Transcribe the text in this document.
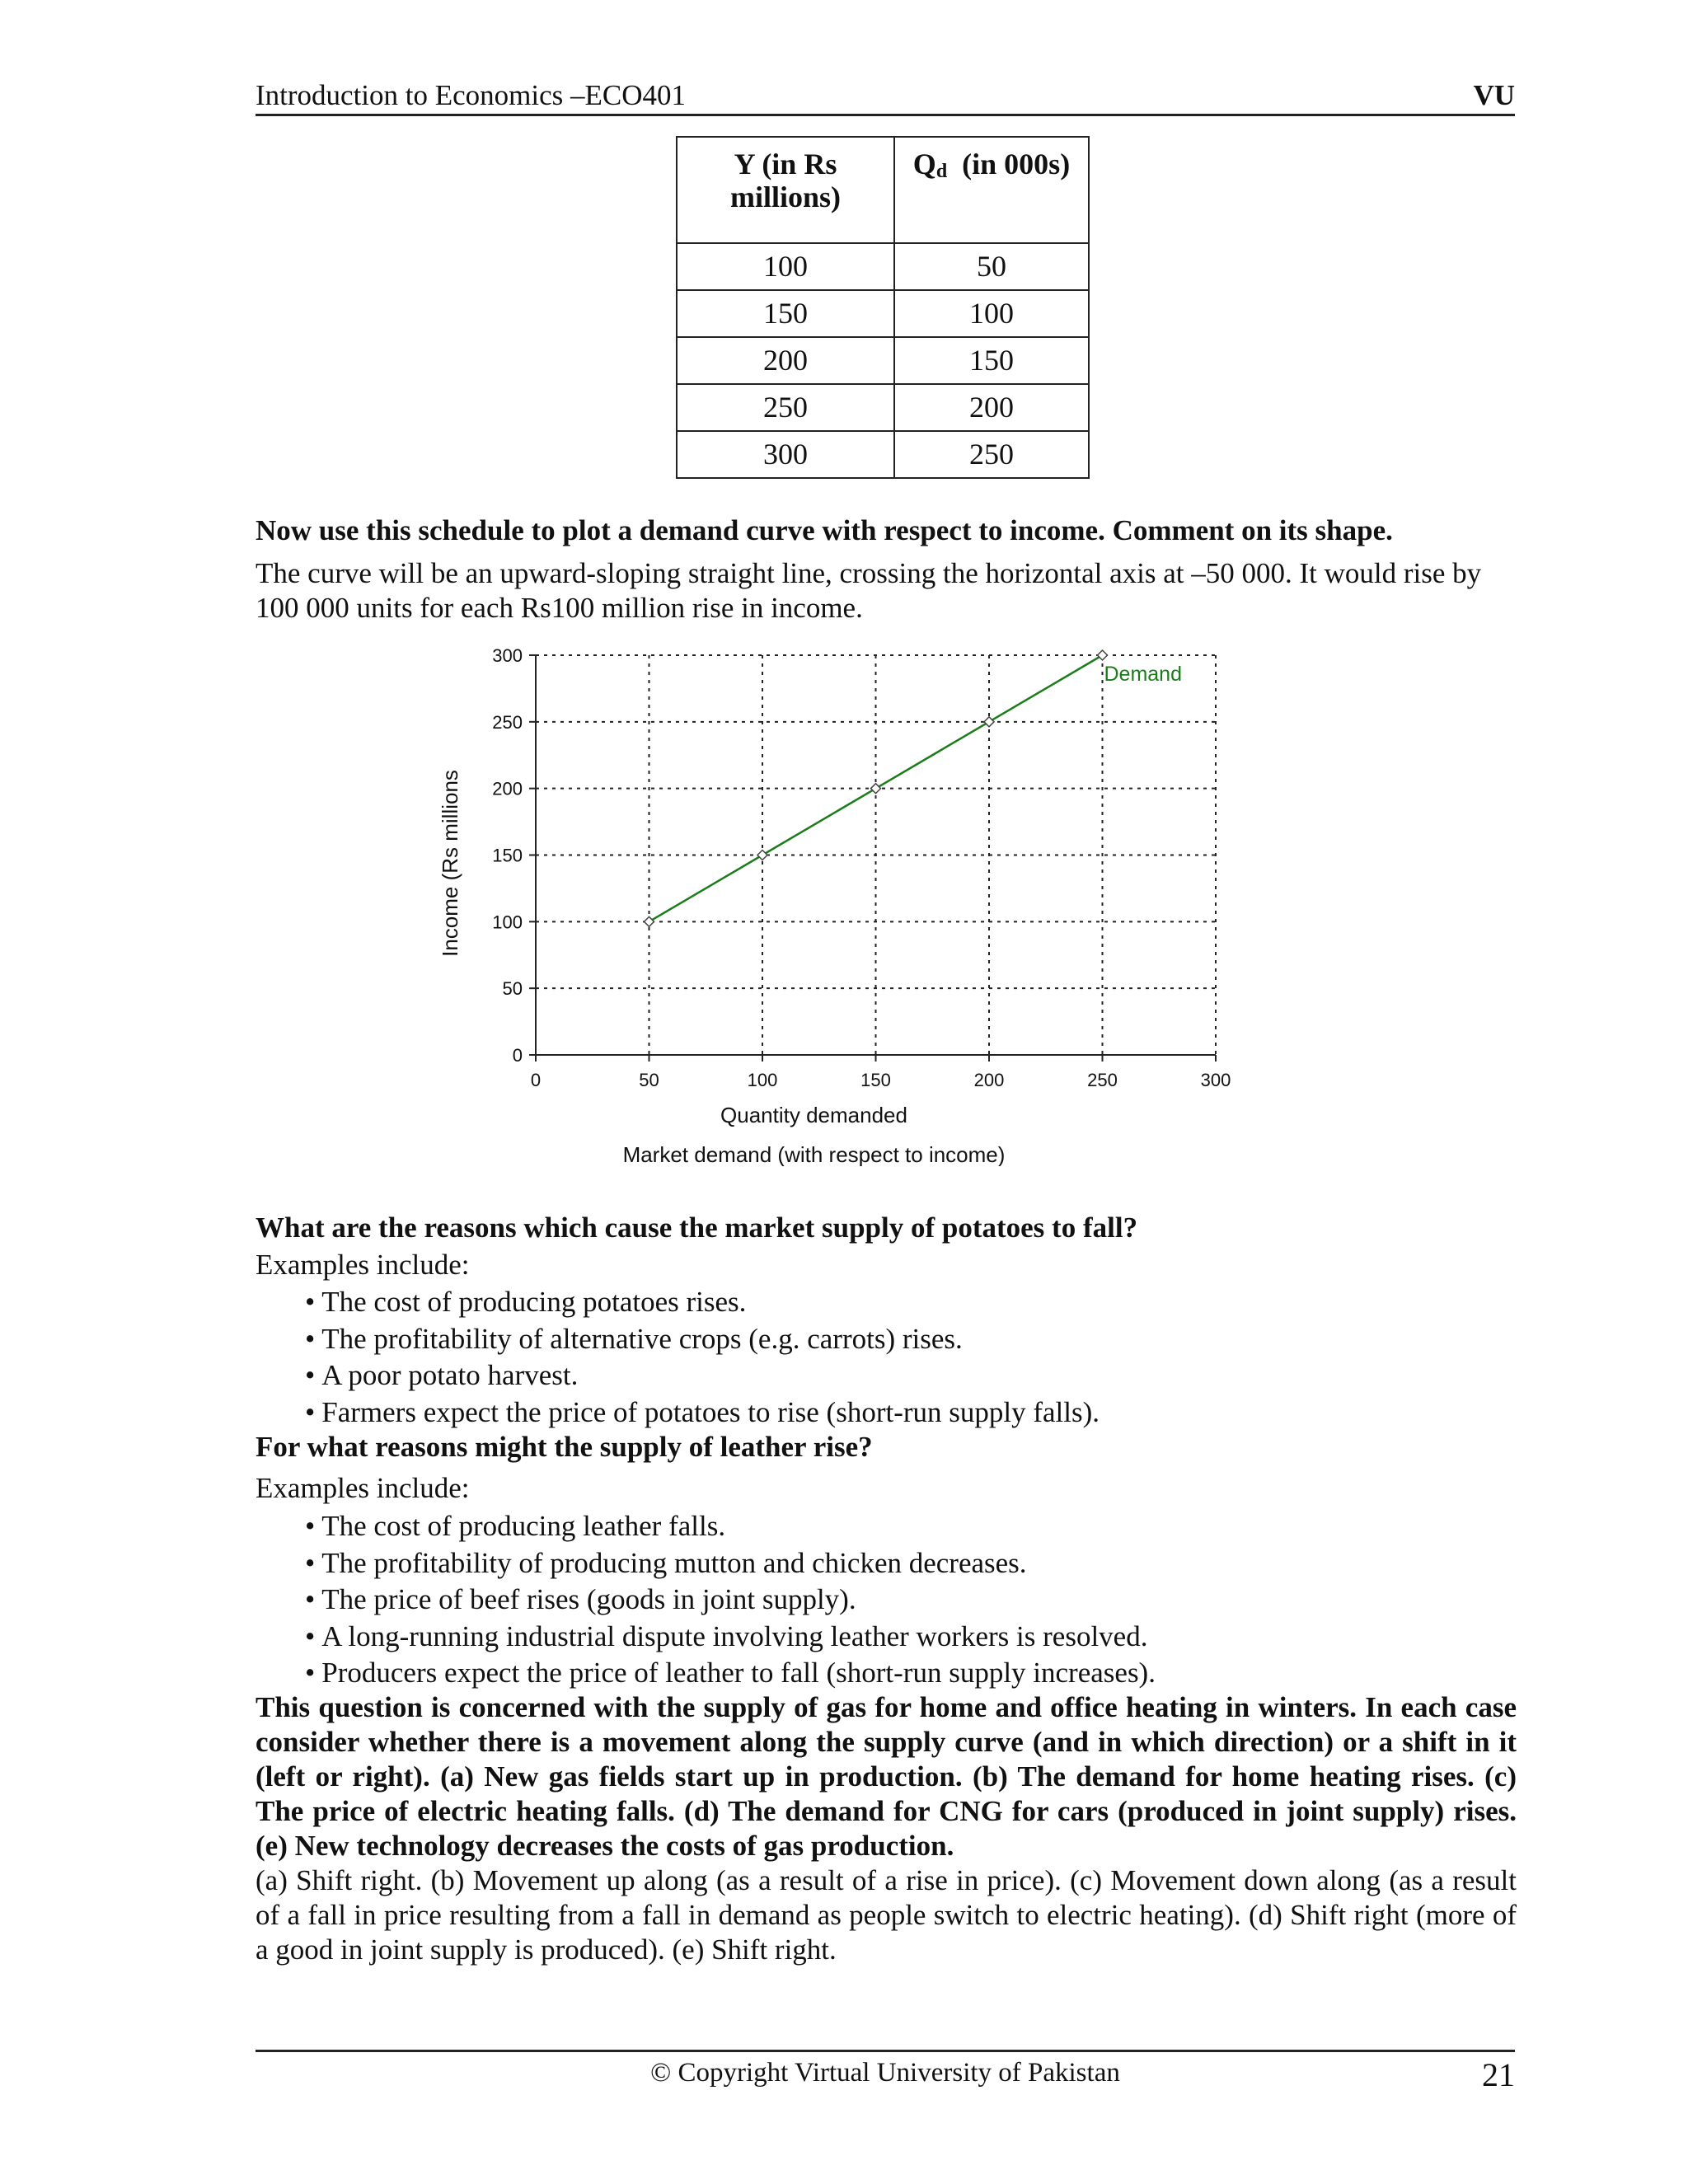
Introduction to Economics –ECO401	VU
Y (in Rs
millions)	Qd  (in 000s)
100	50
150	100
200	150
250	200
300	250
Now use this schedule to plot a demand curve with respect to income. Comment on its shape.
The curve will be an upward-sloping straight line, crossing the horizontal axis at –50 000. It would rise by 100 000 units for each Rs100 million rise in income.
0
50
100
150
200
250
300
0	50	100	150	200	250	300
Demand
Income (Rs millions
Quantity demanded
Market demand (with respect to income)
What are the reasons which cause the market supply of potatoes to fall?
Examples include:
• The cost of producing potatoes rises.
• The profitability of alternative crops (e.g. carrots) rises.
• A poor potato harvest.
• Farmers expect the price of potatoes to rise (short-run supply falls).
For what reasons might the supply of leather rise?
Examples include:
• The cost of producing leather falls.
• The profitability of producing mutton and chicken decreases.
• The price of beef rises (goods in joint supply).
• A long-running industrial dispute involving leather workers is resolved.
• Producers expect the price of leather to fall (short-run supply increases).
This question is concerned with the supply of gas for home and office heating in winters. In each case consider whether there is a movement along the supply curve (and in which direction) or a shift in it (left or right). (a) New gas fields start up in production. (b) The demand for home heating rises. (c) The price of electric heating falls. (d) The demand for CNG for cars (produced in joint supply) rises. (e) New technology decreases the costs of gas production.
(a) Shift right. (b) Movement up along (as a result of a rise in price). (c) Movement down along (as a result of a fall in price resulting from a fall in demand as people switch to electric heating). (d) Shift right (more of a good in joint supply is produced). (e) Shift right.
© Copyright Virtual University of Pakistan	21
